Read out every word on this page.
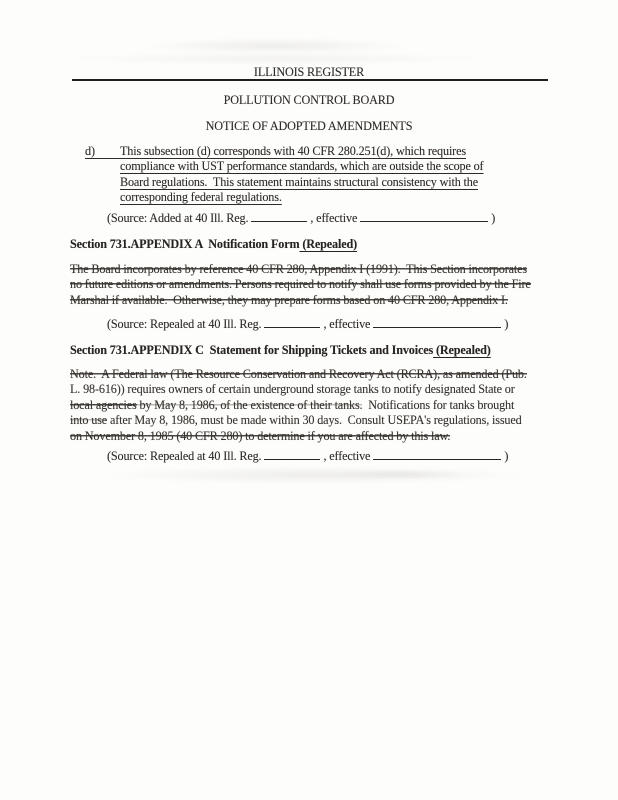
ILLINOIS REGISTER
POLLUTION CONTROL BOARD
NOTICE OF ADOPTED AMENDMENTS
d) This subsection (d) corresponds with 40 CFR 280.251(d), which requires
compliance with UST performance standards, which are outside the scope of
Board regulations.  This statement maintains structural consistency with the
corresponding federal regulations.
(Source: Added at 40 Ill. Reg.	, effective	)
Section 731.APPENDIX A  Notification Form (Repealed)
The Board incorporates by reference 40 CFR 280, Appendix I (1991).  This Section incorporates
no future editions or amendments. Persons required to notify shall use forms provided by the Fire
Marshal if available.  Otherwise, they may prepare forms based on 40 CFR 280, Appendix I.
(Source: Repealed at 40 Ill. Reg.	, effective	)
Section 731.APPENDIX C  Statement for Shipping Tickets and Invoices (Repealed)
Note.  A Federal law (The Resource Conservation and Recovery Act (RCRA), as amended (Pub.
L. 98-616)) requires owners of certain underground storage tanks to notify designated State or
local agencies by May 8, 1986, of the existence of their tanks.  Notifications for tanks brought
into use after May 8, 1986, must be made within 30 days.  Consult USEPA's regulations, issued
on November 8, 1985 (40 CFR 280) to determine if you are affected by this law.
(Source: Repealed at 40 Ill. Reg.	, effective	)
